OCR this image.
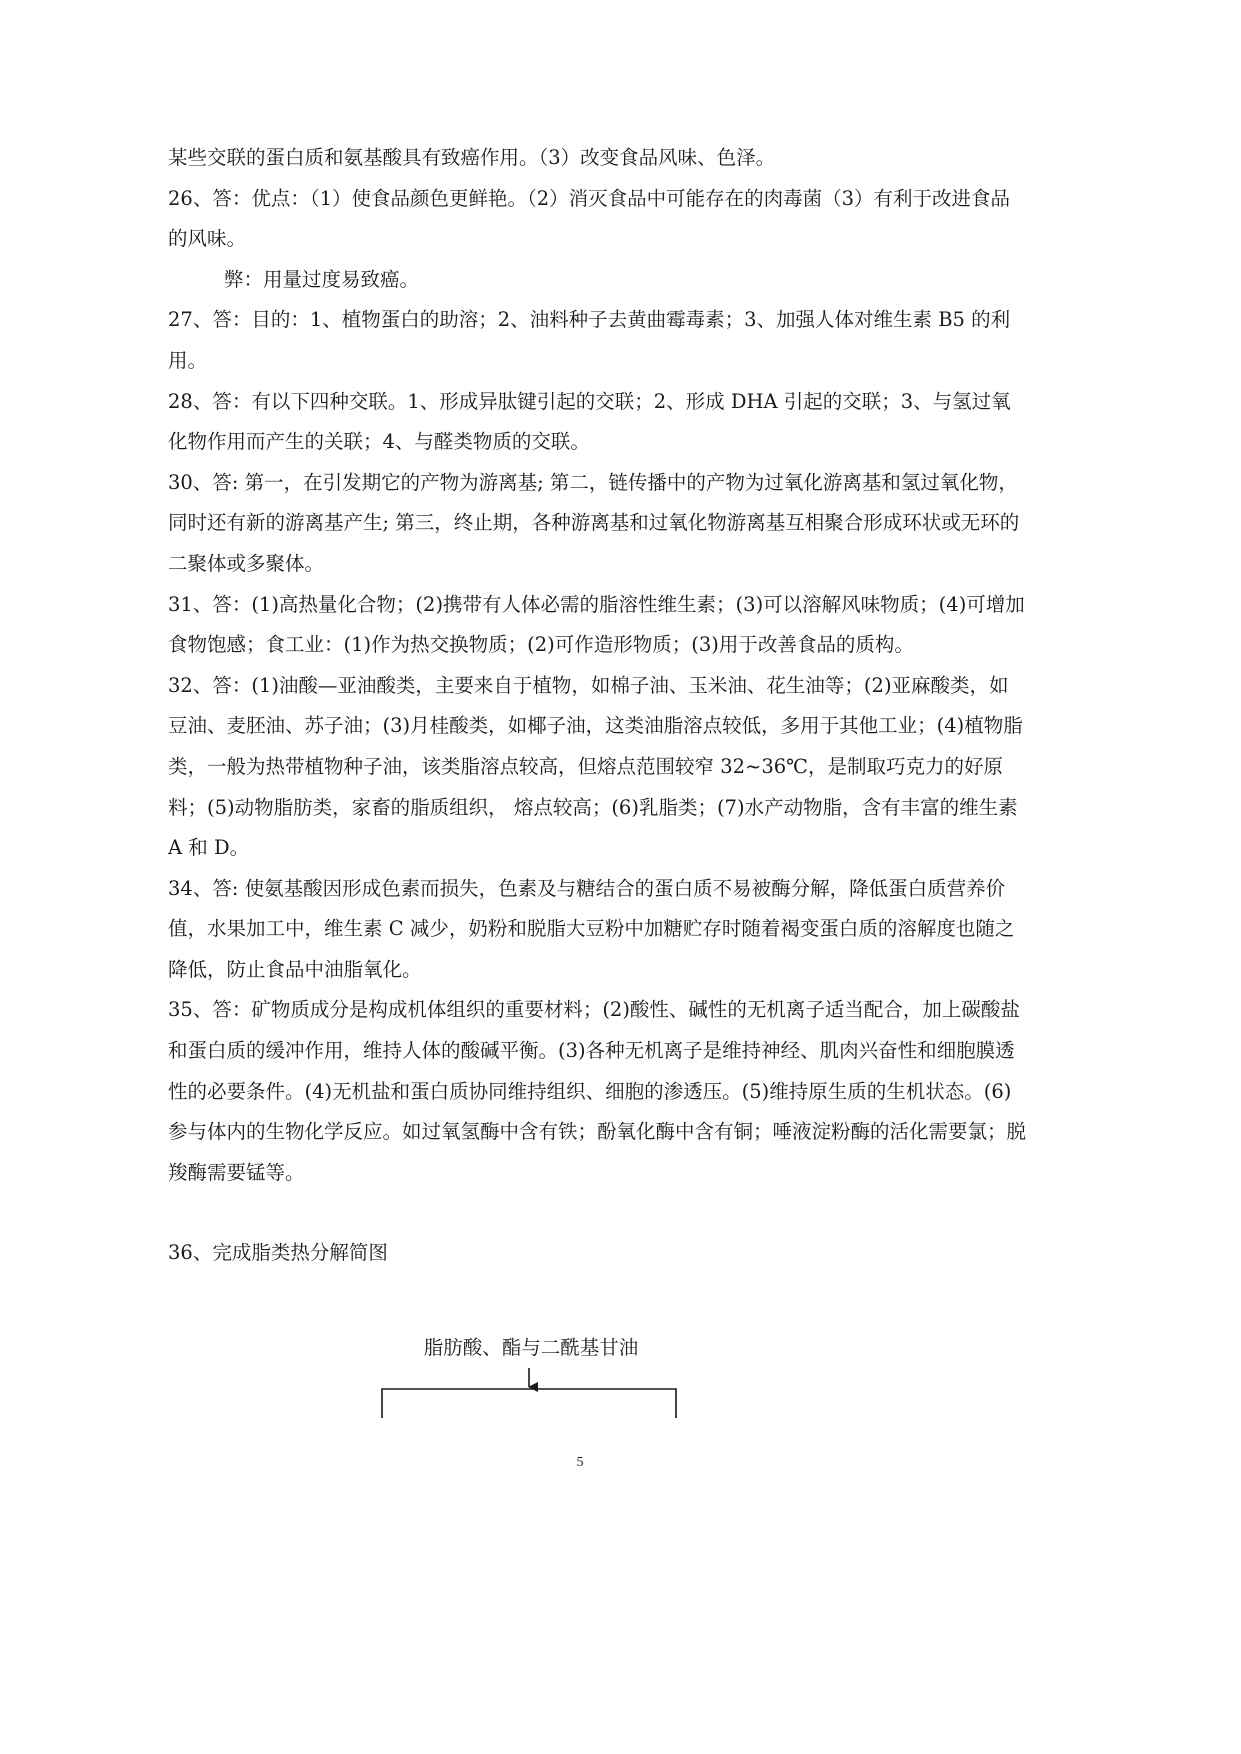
某些交联的蛋白质和氨基酸具有致癌作用。（3）改变食品风味、色泽。

26、答：优点：（1）使食品颜色更鲜艳。（2）消灭食品中可能存在的肉毒菌（3）有利于改进食品的风味。

弊：用量过度易致癌。

27、答：目的：1、植物蛋白的助溶；2、油料种子去黄曲霉毒素；3、加强人体对维生素 B5 的利用。

28、答：有以下四种交联。1、形成异肽键引起的交联；2、形成 DHA 引起的交联；3、与氢过氧化物作用而产生的关联；4、与醛类物质的交联。

30、答: 第一，在引发期它的产物为游离基; 第二，链传播中的产物为过氧化游离基和氢过氧化物，同时还有新的游离基产生; 第三，终止期，各种游离基和过氧化物游离基互相聚合形成环状或无环的二聚体或多聚体。

31、答：(1)高热量化合物；(2)携带有人体必需的脂溶性维生素；(3)可以溶解风味物质；(4)可增加食物饱感；食工业：(1)作为热交换物质；(2)可作造形物质；(3)用于改善食品的质构。

32、答：(1)油酸—亚油酸类，主要来自于植物，如棉子油、玉米油、花生油等；(2)亚麻酸类，如豆油、麦胚油、苏子油；(3)月桂酸类，如椰子油，这类油脂溶点较低，多用于其他工业；(4)植物脂类，一般为热带植物种子油，该类脂溶点较高，但熔点范围较窄 32~36℃，是制取巧克力的好原料；(5)动物脂肪类，家畜的脂质组织， 熔点较高；(6)乳脂类；(7)水产动物脂，含有丰富的维生素 A 和 D。

34、答: 使氨基酸因形成色素而损失，色素及与糖结合的蛋白质不易被酶分解，降低蛋白质营养价值，水果加工中，维生素 C 减少，奶粉和脱脂大豆粉中加糖贮存时随着褐变蛋白质的溶解度也随之降低，防止食品中油脂氧化。

35、答：矿物质成分是构成机体组织的重要材料；(2)酸性、碱性的无机离子适当配合，加上碳酸盐和蛋白质的缓冲作用，维持人体的酸碱平衡。(3)各种无机离子是维持神经、肌肉兴奋性和细胞膜透性的必要条件。(4)无机盐和蛋白质协同维持组织、细胞的渗透压。(5)维持原生质的生机状态。(6)参与体内的生物化学反应。如过氧氢酶中含有铁；酚氧化酶中含有铜；唾液淀粉酶的活化需要氯；脱羧酶需要锰等。

36、完成脂类热分解简图

脂肪酸、酯与二酰基甘油
5
